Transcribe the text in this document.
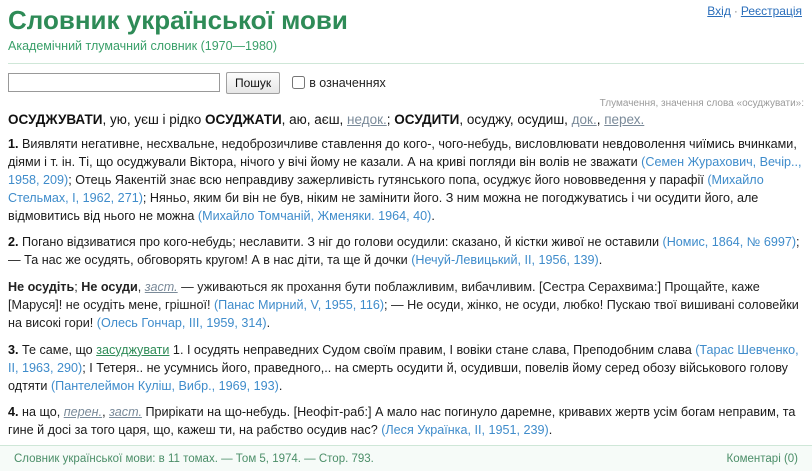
Вхід · Реєстрація
Словник української мови
Академічний тлумачний словник (1970—1980)
Пошук	в означеннях
Тлумачення, значення слова «осуджувати»:
ОСУДЖУВАТИ, ую, уєш і рідко ОСУДЖАТИ, аю, аєш, недок.; ОСУДИТИ, осуджу, осудиш, док., перех.
1. Виявляти негативне, несхвальне, недоброзичливе ставлення до кого-, чого-небудь, висловлювати невдоволення чиїмись вчинками, діями і т. ін. Ті, що осуджували Віктора, нічого у вічі йому не казали. А на криві погляди він волів не зважати (Семен Журахович, Вечір.., 1958, 209); Отець Яакентій знає всю неправдиву зажерливість гутянського попа, осуджує його нововведення у парафії (Михайло Стельмах, I, 1962, 271); Няньо, яким би він не був, ніким не замінити його. З ним можна не погоджуватись і чи осудити його, але відмовитись від нього не можна (Михайло Томчаній, Жменяки. 1964, 40).
2. Погано відзиватися про кого-небудь; неславити. З ніг до голови осудили: сказано, й кістки живої не оставили (Номис, 1864, № 6997); — Та нас же осудять, обговорять кругом! А в нас діти, та ще й дочки (Нечуй-Левицький, II, 1956, 139).
Не осудіть; Не осуди, заст. — уживаються як прохання бути поблажливим, вибачливим. [Сестра Серахвима:] Прощайте, каже [Маруся]! не осудіть мене, грішної! (Панас Мирний, V, 1955, 116); — Не осуди, жінко, не осуди, любко! Пускаю твої вишивані соловейки на високі гори! (Олесь Гончар, III, 1959, 314).
3. Те саме, що засуджувати 1. І осудять неправедних Судом своїм правим, І вовіки стане слава, Преподобним слава (Тарас Шевченко, II, 1963, 290); І Тетеря.. не усумнись його, праведного,.. на смерть осудити й, осудивши, повелів йому серед обозу військового голову одтяти (Пантелеймон Куліш, Вибр., 1969, 193).
4. на що, перен., заст. Прирікати на що-небудь. [Неофіт-раб:] А мало нас погинуло даремне, кривавих жертв усім богам неправим, та гине й досі за того царя, що, кажеш ти, на рабство осудив нас? (Леся Українка, II, 1951, 239).
Словник української мови: в 11 томах. — Том 5, 1974. — Стор. 793.	Коментарі (0)
